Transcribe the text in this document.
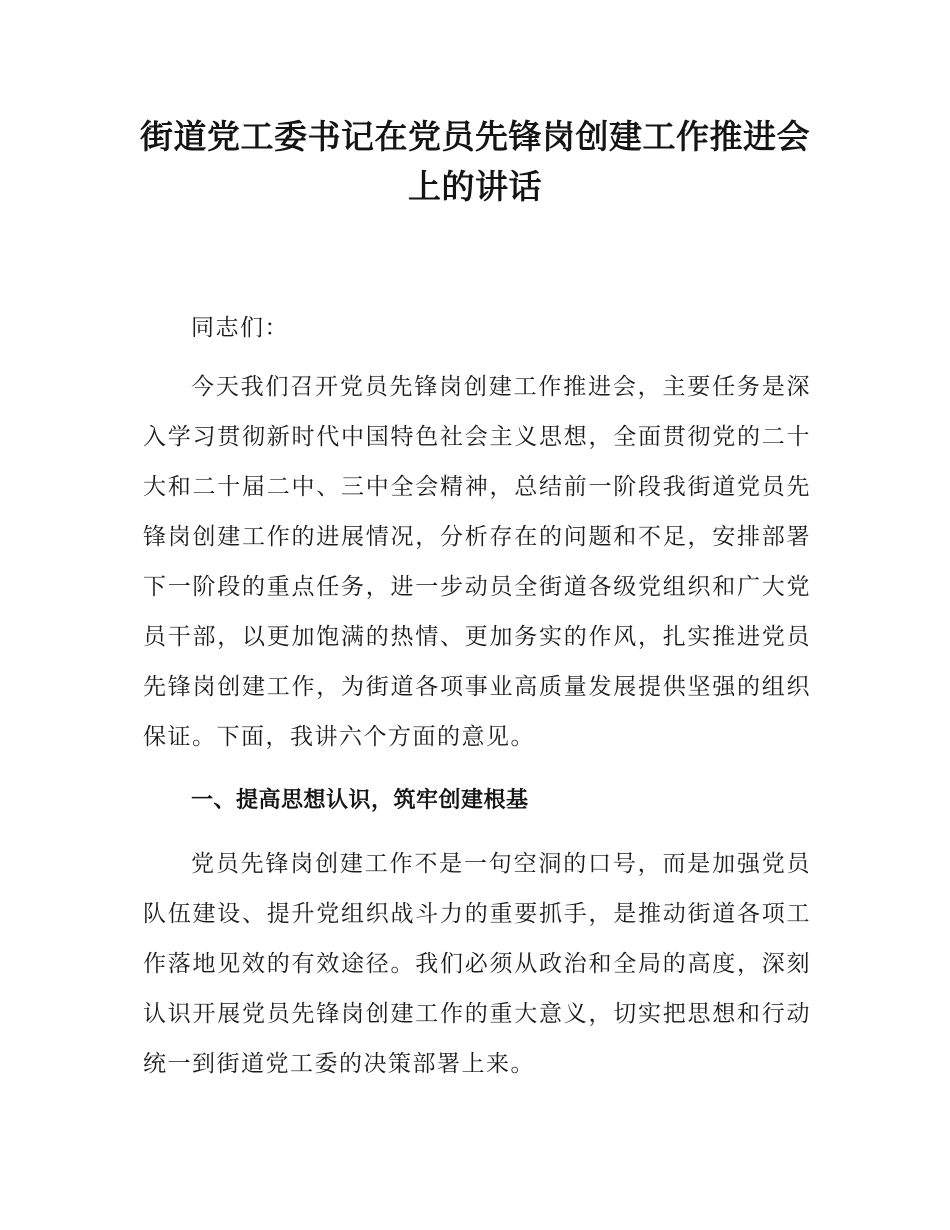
街道党工委书记在党员先锋岗创建工作推进会上的讲话

同志们：

今天我们召开党员先锋岗创建工作推进会，主要任务是深入学习贯彻新时代中国特色社会主义思想，全面贯彻党的二十大和二十届二中、三中全会精神，总结前一阶段我街道党员先锋岗创建工作的进展情况，分析存在的问题和不足，安排部署下一阶段的重点任务，进一步动员全街道各级党组织和广大党员干部，以更加饱满的热情、更加务实的作风，扎实推进党员先锋岗创建工作，为街道各项事业高质量发展提供坚强的组织保证。下面，我讲六个方面的意见。

一、提高思想认识，筑牢创建根基

党员先锋岗创建工作不是一句空洞的口号，而是加强党员队伍建设、提升党组织战斗力的重要抓手，是推动街道各项工作落地见效的有效途径。我们必须从政治和全局的高度，深刻认识开展党员先锋岗创建工作的重大意义，切实把思想和行动统一到街道党工委的决策部署上来。
